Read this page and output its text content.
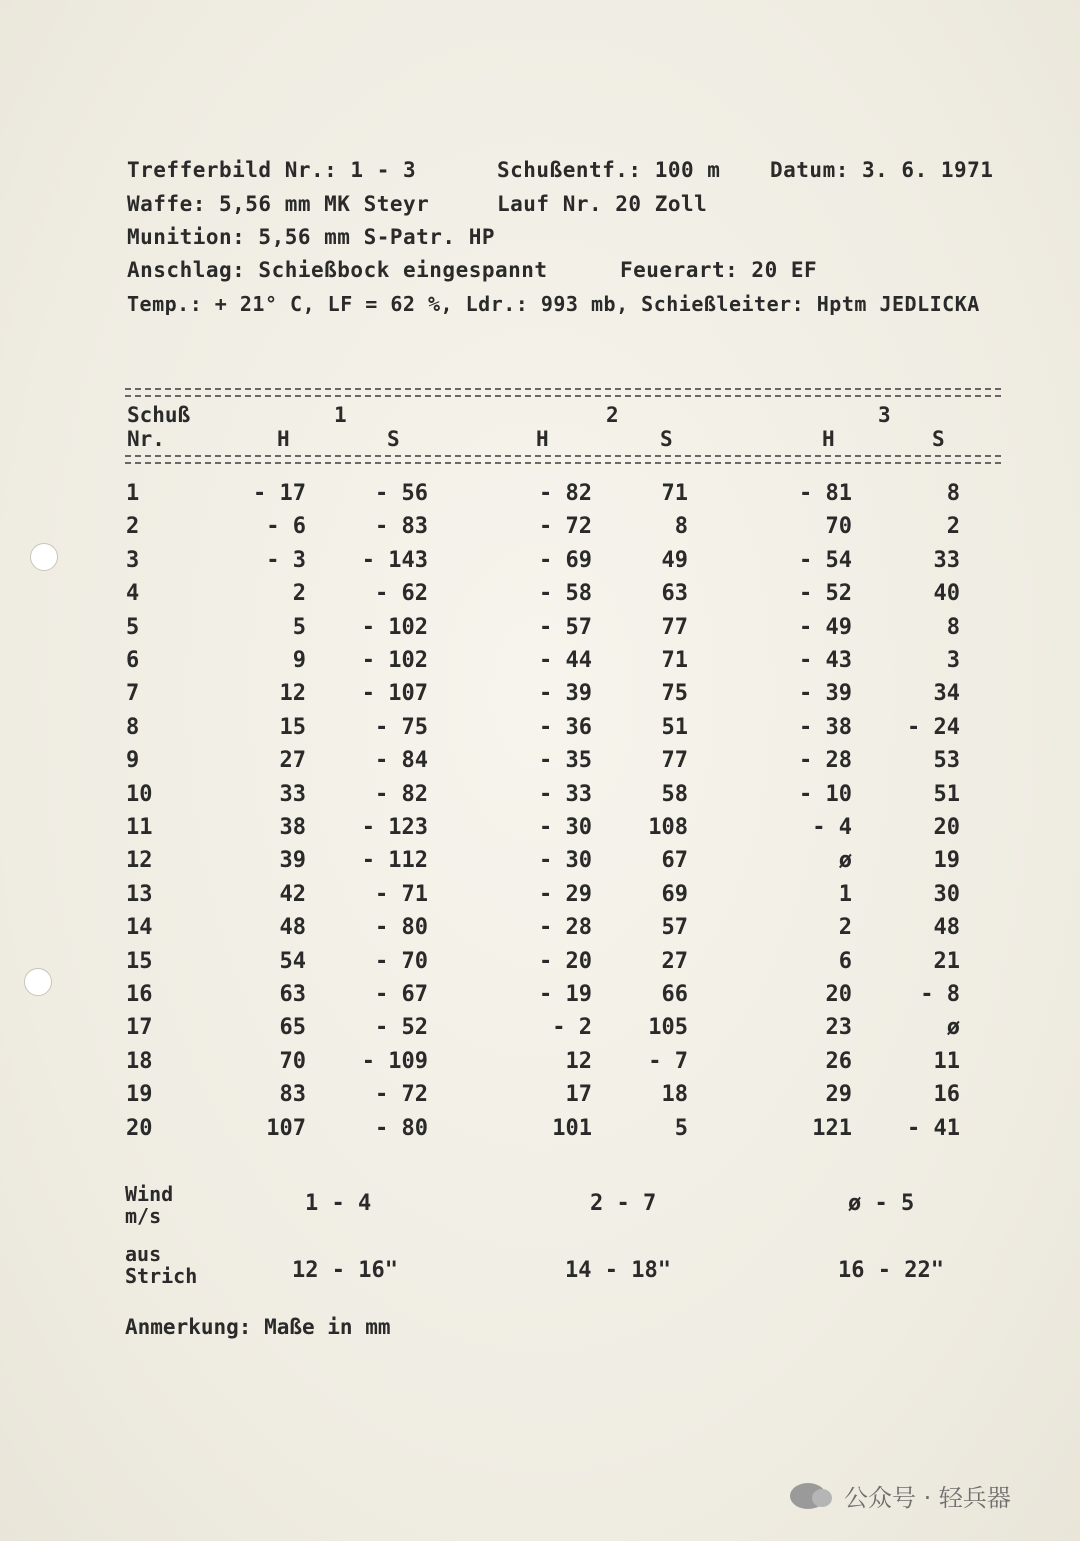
Trefferbild Nr.: 1 - 3	Schußentf.: 100 m Datum: 3. 6. 1971
Waffe: 5,56 mm MK Steyr	Lauf Nr. 20 Zoll
Munition: 5,56 mm S-Patr. HP
Anschlag: Schießbock eingespannt	Feuerart: 20 EF
Temp.: + 21° C, LF = 62 %, Ldr.: 993 mb, Schießleiter: Hptm JEDLICKA
Schuß
Nr.
1	2	3
H	S	H	S	H	S
1	- 17	- 56	- 82	71	- 81	8
2	- 6	- 83	- 72	8	70	2
3	- 3	- 143	- 69	49	- 54	33
4	2	- 62	- 58	63	- 52	40
5	5	- 102	- 57	77	- 49	8
6	9	- 102	- 44	71	- 43	3
7	12	- 107	- 39	75	- 39	34
8	15	- 75	- 36	51	- 38	- 24
9	27	- 84	- 35	77	- 28	53
10	33	- 82	- 33	58	- 10	51
11	38	- 123	- 30	108	- 4	20
12	39	- 112	- 30	67	ø	19
13	42	- 71	- 29	69	1	30
14	48	- 80	- 28	57	2	48
15	54	- 70	- 20	27	6	21
16	63	- 67	- 19	66	20	- 8
17	65	- 52	- 2	105	23	ø
18	70	- 109	12	- 7	26	11
19	83	- 72	17	18	29	16
20	107	- 80	101	5	121	- 41
Wind
m/s	1 - 4	2 - 7	ø - 5
aus
Strich	12 - 16"	14 - 18"	16 - 22"
Anmerkung: Maße in mm
公众号 · 轻兵器
